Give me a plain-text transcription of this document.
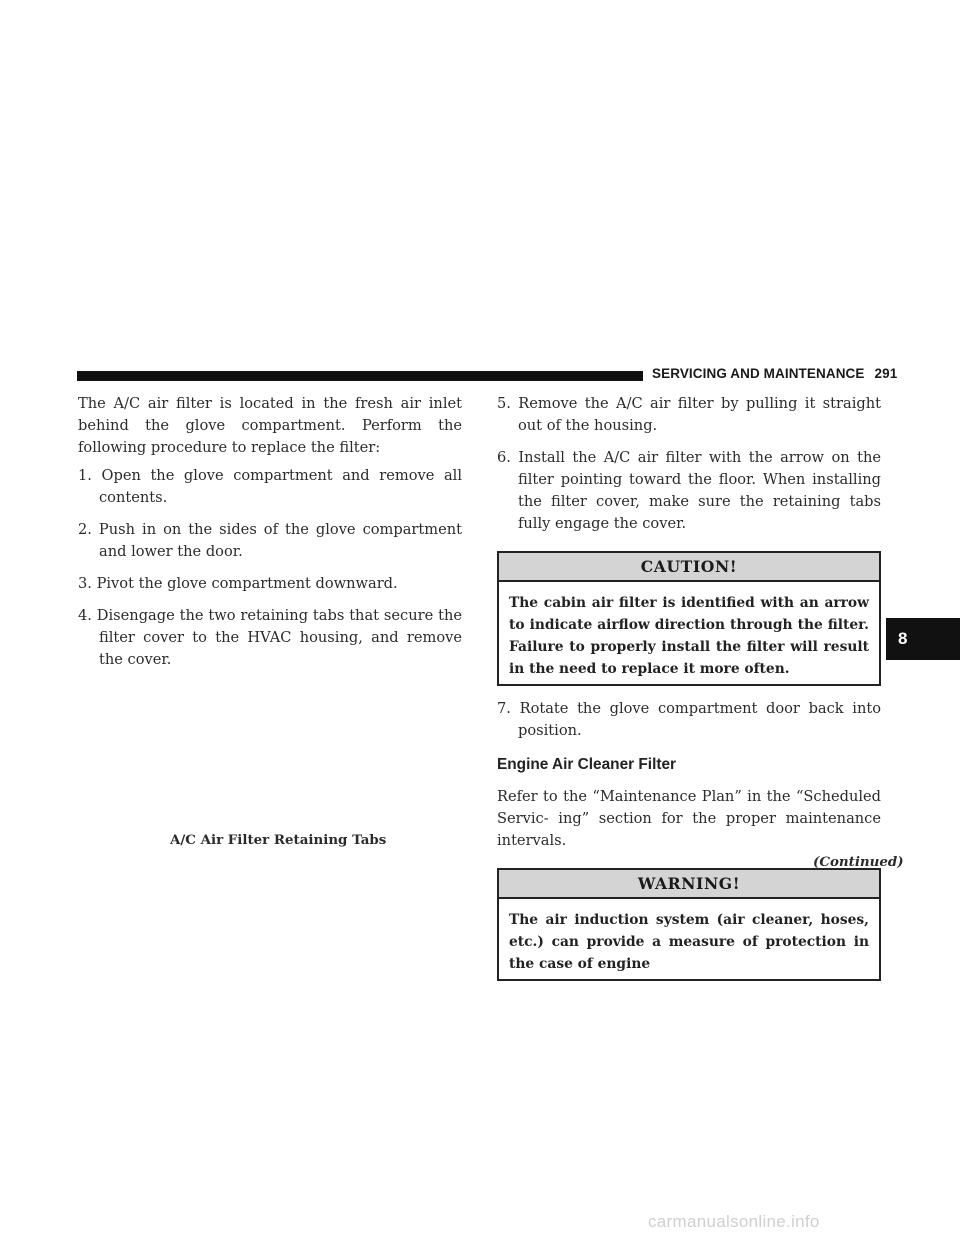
SERVICING AND MAINTENANCE 291

The A/C air filter is located in the fresh air inlet behind the glove compartment. Perform the following procedure to replace the filter:

1. Open the glove compartment and remove all contents.

2. Push in on the sides of the glove compartment and lower the door.

3. Pivot the glove compartment downward.

4. Disengage the two retaining tabs that secure the filter cover to the HVAC housing, and remove the cover.

A/C Air Filter Retaining Tabs

5. Remove the A/C air filter by pulling it straight out of the housing.

6. Install the A/C air filter with the arrow on the filter pointing toward the floor. When installing the filter cover, make sure the retaining tabs fully engage the cover.

CAUTION!
The cabin air filter is identified with an arrow to indicate airflow direction through the filter. Failure to properly install the filter will result in the need to replace it more often.

7. Rotate the glove compartment door back into position.

Engine Air Cleaner Filter

Refer to the “Maintenance Plan” in the “Scheduled Servic- ing” section for the proper maintenance intervals.

WARNING!
The air induction system (air cleaner, hoses, etc.) can provide a measure of protection in the case of engine
(Continued)
8
carmanualsonline.info
